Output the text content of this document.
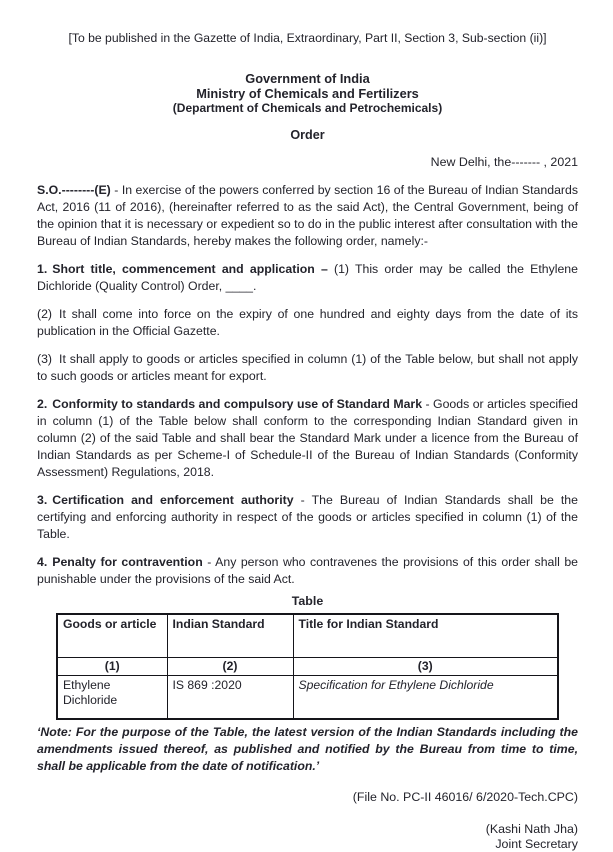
[To be published in the Gazette of India, Extraordinary, Part II, Section 3, Sub-section (ii)]

Government of India

Ministry of Chemicals and Fertilizers

(Department of Chemicals and Petrochemicals)

Order

New Delhi, the------- , 2021

S.O.--------(E) - In exercise of the powers conferred by section 16 of the Bureau of Indian Standards Act, 2016 (11 of 2016), (hereinafter referred to as the said Act), the Central Government, being of the opinion that it is necessary or expedient so to do in the public interest after consultation with the Bureau of Indian Standards, hereby makes the following order, namely:-

1. Short title, commencement and application – (1) This order may be called the Ethylene Dichloride (Quality Control) Order, ____.

(2) It shall come into force on the expiry of one hundred and eighty days from the date of its publication in the Official Gazette.

(3) It shall apply to goods or articles specified in column (1) of the Table below, but shall not apply to such goods or articles meant for export.

2. Conformity to standards and compulsory use of Standard Mark - Goods or articles specified in column (1) of the Table below shall conform to the corresponding Indian Standard given in column (2) of the said Table and shall bear the Standard Mark under a licence from the Bureau of Indian Standards as per Scheme-I of Schedule-II of the Bureau of Indian Standards (Conformity Assessment) Regulations, 2018.

3. Certification and enforcement authority - The Bureau of Indian Standards shall be the certifying and enforcing authority in respect of the goods or articles specified in column (1) of the Table.

4. Penalty for contravention - Any person who contravenes the provisions of this order shall be punishable under the provisions of the said Act.

Table

Goods or article	Indian Standard	Title for Indian Standard
(1)	(2)	(3)
Ethylene Dichloride	IS 869 :2020	Specification for Ethylene Dichloride

‘Note: For the purpose of the Table, the latest version of the Indian Standards including the amendments issued thereof, as published and notified by the Bureau from time to time, shall be applicable from the date of notification.’

(File No. PC-II 46016/ 6/2020-Tech.CPC)

(Kashi Nath Jha)

Joint Secretary
